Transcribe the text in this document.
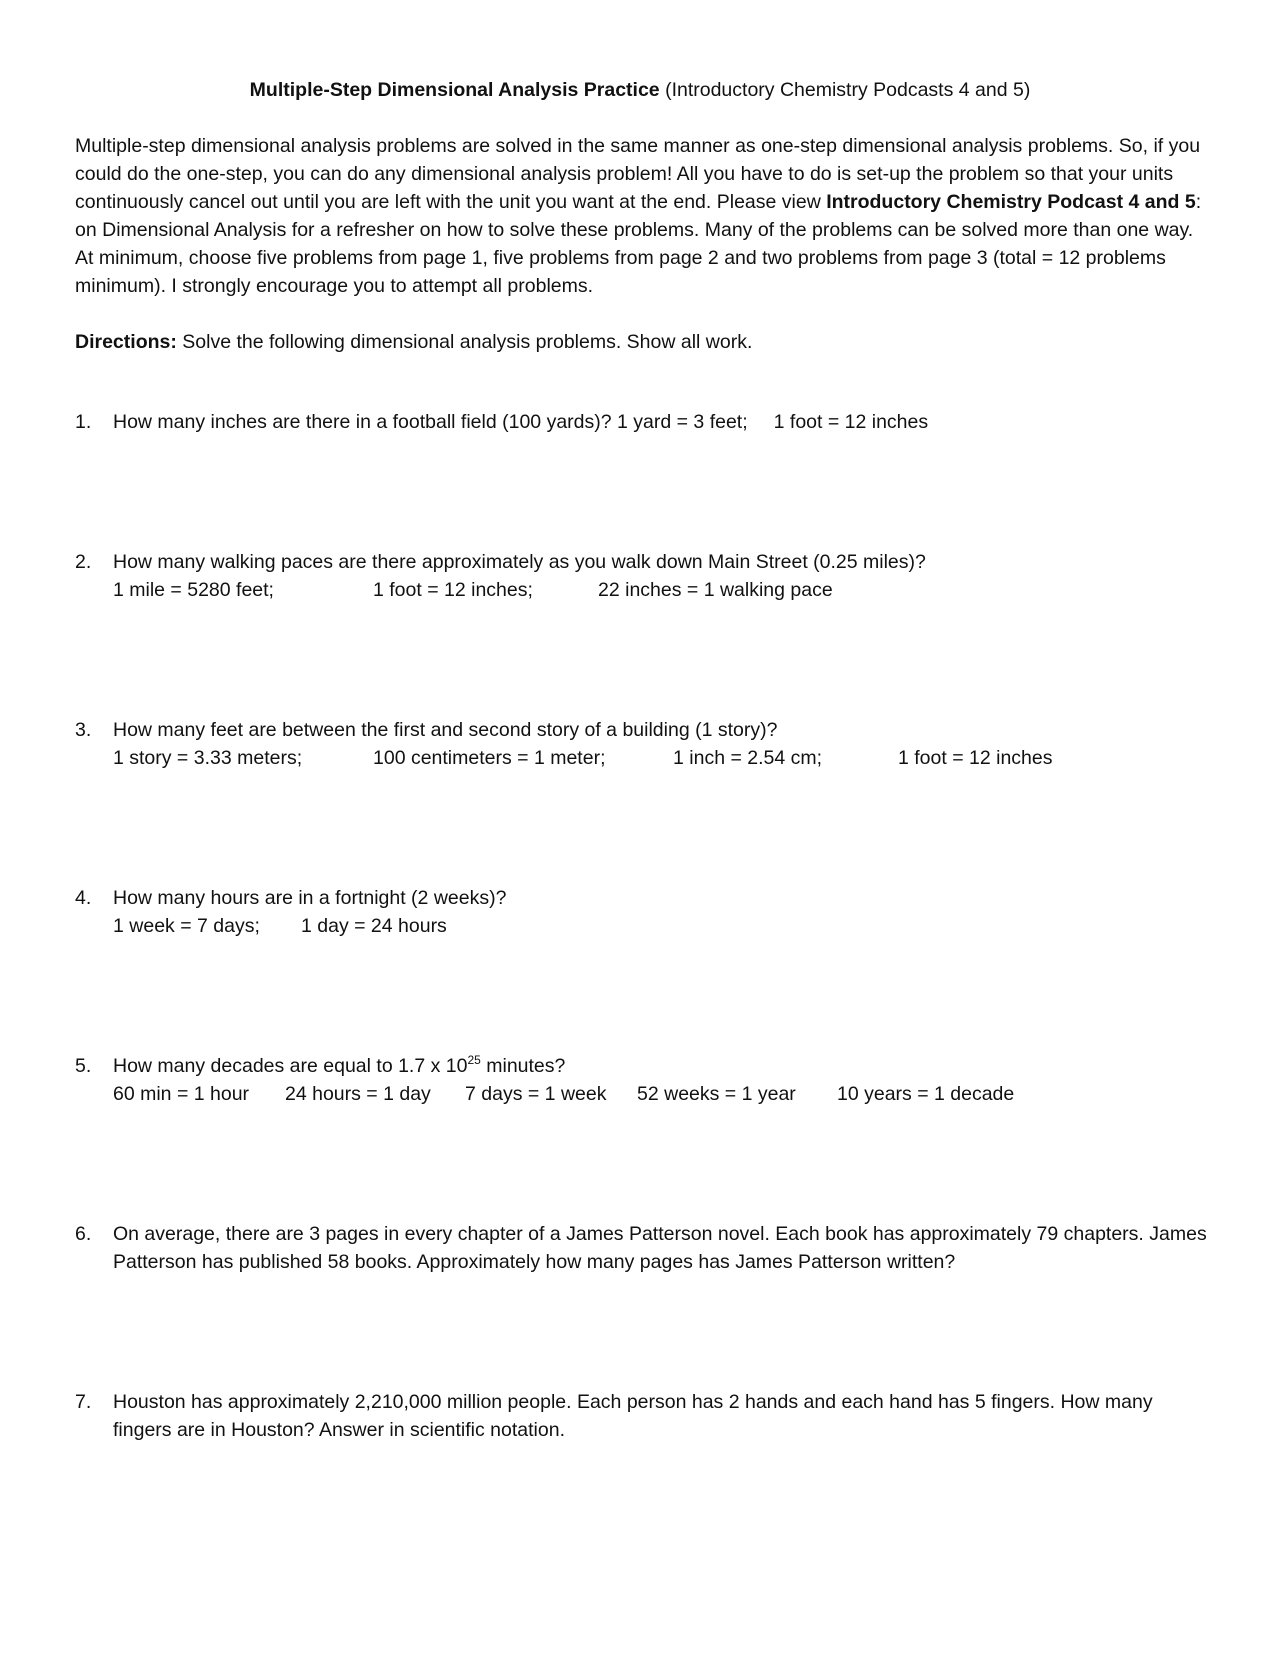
Multiple-Step Dimensional Analysis Practice (Introductory Chemistry Podcasts 4 and 5)

Multiple-step dimensional analysis problems are solved in the same manner as one-step dimensional analysis problems. So, if you could do the one-step, you can do any dimensional analysis problem! All you have to do is set-up the problem so that your units continuously cancel out until you are left with the unit you want at the end. Please view Introductory Chemistry Podcast 4 and 5: on Dimensional Analysis for a refresher on how to solve these problems. Many of the problems can be solved more than one way. At minimum, choose five problems from page 1, five problems from page 2 and two problems from page 3 (total = 12 problems minimum). I strongly encourage you to attempt all problems.

Directions: Solve the following dimensional analysis problems. Show all work.
1.	How many inches are there in a football field (100 yards)? 1 yard = 3 feet; 1 foot = 12 inches
2.	How many walking paces are there approximately as you walk down Main Street (0.25 miles)?
1 mile = 5280 feet;	1 foot = 12 inches;	22 inches = 1 walking pace
3.	How many feet are between the first and second story of a building (1 story)?
1 story = 3.33 meters;	100 centimeters = 1 meter;	1 inch = 2.54 cm;	1 foot = 12 inches
4.	How many hours are in a fortnight (2 weeks)?
1 week = 7 days; 1 day = 24 hours
5.	How many decades are equal to 1.7 x $10^{25}$ minutes?
60 min = 1 hour 24 hours = 1 day 7 days = 1 week 52 weeks = 1 year 10 years = 1 decade
6.	On average, there are 3 pages in every chapter of a James Patterson novel. Each book has approximately 79 chapters. James Patterson has published 58 books. Approximately how many pages has James Patterson written?
7.	Houston has approximately 2,210,000 million people. Each person has 2 hands and each hand has 5 fingers. How many fingers are in Houston? Answer in scientific notation.
